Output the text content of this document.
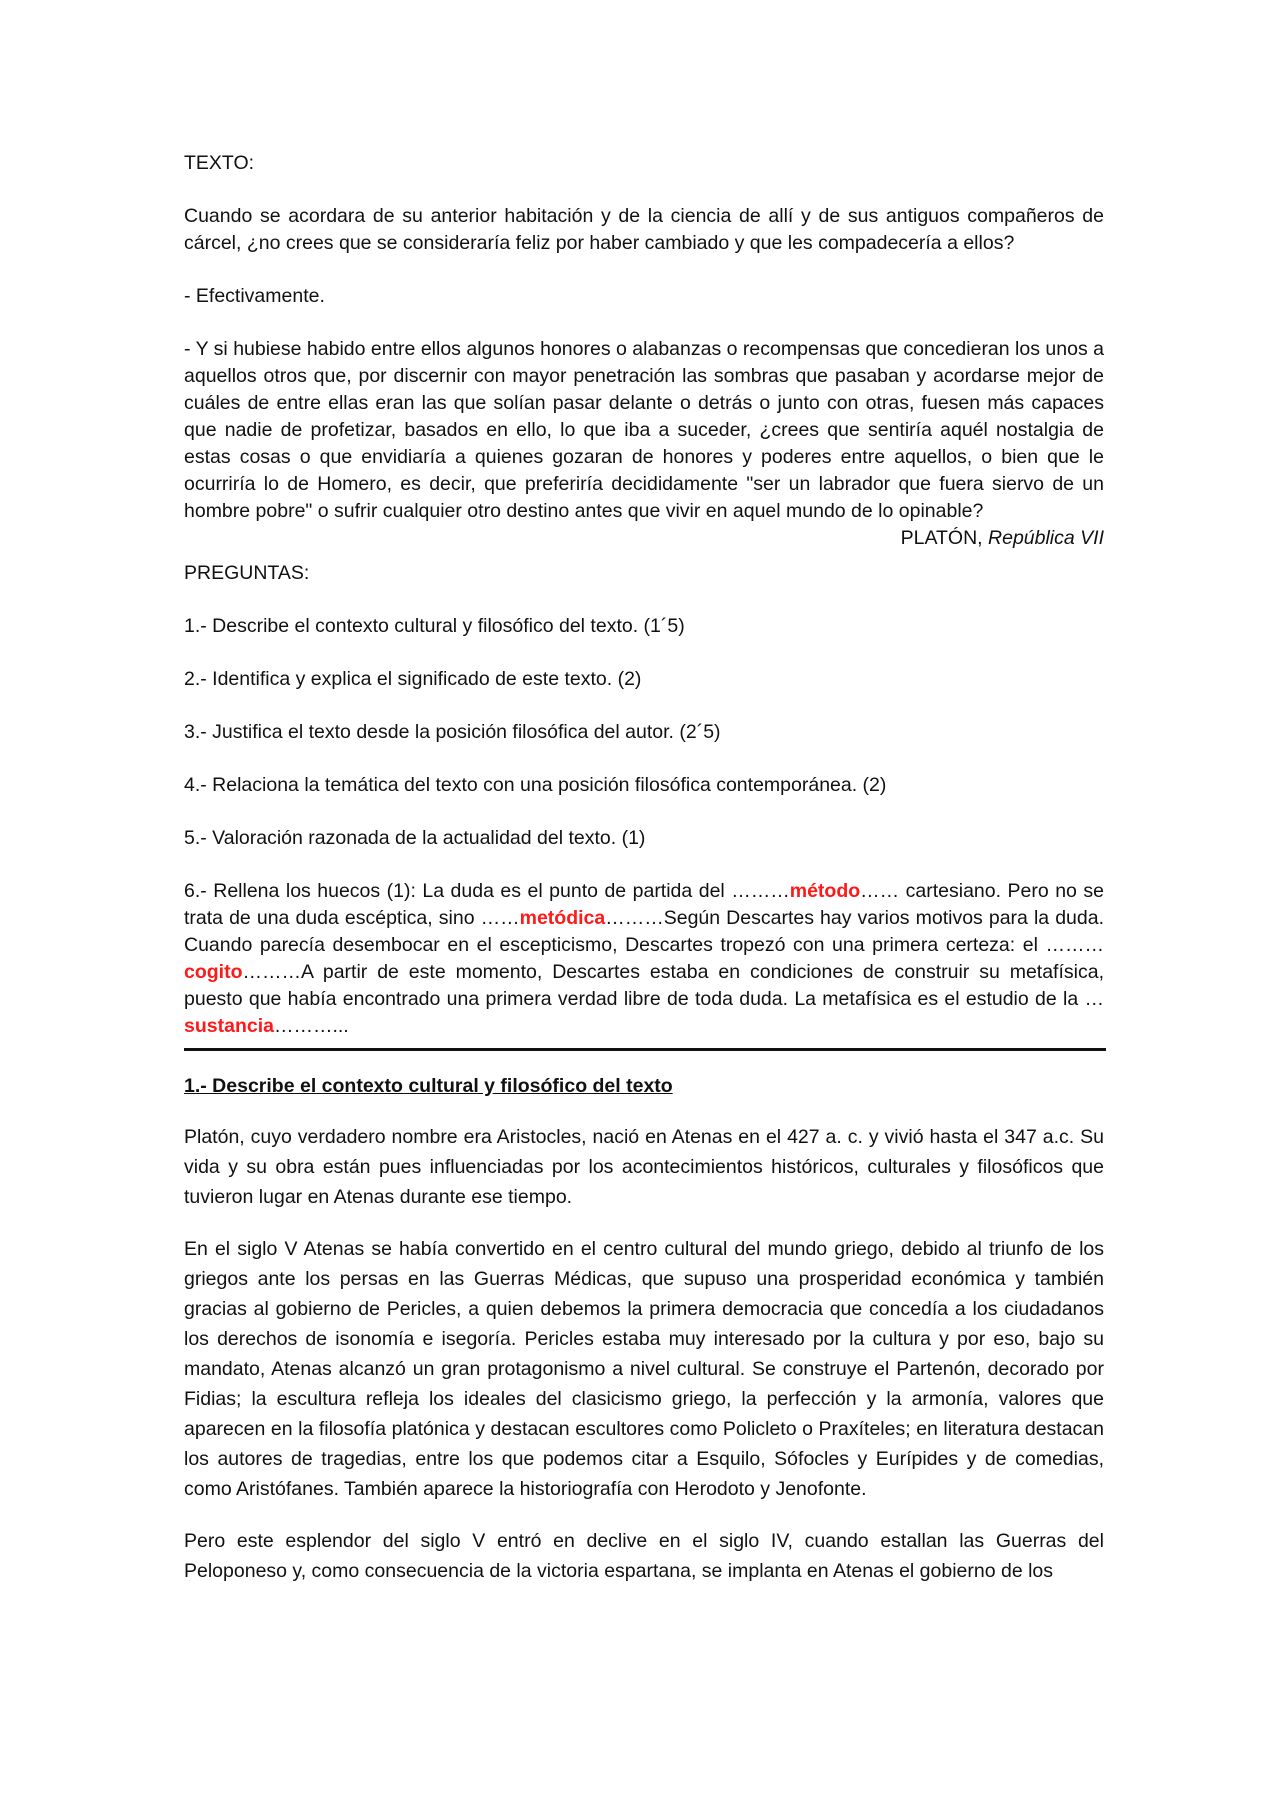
TEXTO:

Cuando se acordara de su anterior habitación y de la ciencia de allí y de sus antiguos compañeros de cárcel, ¿no crees que se consideraría feliz por haber cambiado y que les compadecería a ellos?

- Efectivamente.

- Y si hubiese habido entre ellos algunos honores o alabanzas o recompensas que concedieran los unos a aquellos otros que, por discernir con mayor penetración las sombras que pasaban y acordarse mejor de cuáles de entre ellas eran las que solían pasar delante o detrás o junto con otras, fuesen más capaces que nadie de profetizar, basados en ello, lo que iba a suceder, ¿crees que sentiría aquél nostalgia de estas cosas o que envidiaría a quienes gozaran de honores y poderes entre aquellos, o bien que le ocurriría lo de Homero, es decir, que preferiría decididamente "ser un labrador que fuera siervo de un hombre pobre" o sufrir cualquier otro destino antes que vivir en aquel mundo de lo opinable?

PLATÓN, República VII

PREGUNTAS:

1.- Describe el contexto cultural y filosófico del texto. (1´5)

2.- Identifica y explica el significado de este texto. (2)

3.- Justifica el texto desde la posición filosófica del autor. (2´5)

4.- Relaciona la temática del texto con una posición filosófica contemporánea. (2)

5.- Valoración razonada de la actualidad del texto. (1)

6.- Rellena los huecos (1): La duda es el punto de partida del ………método…… cartesiano. Pero no se trata de una duda escéptica, sino ……metódica………Según Descartes hay varios motivos para la duda. Cuando parecía desembocar en el escepticismo, Descartes tropezó con una primera certeza: el ………cogito………A partir de este momento, Descartes estaba en condiciones de construir su metafísica, puesto que había encontrado una primera verdad libre de toda duda. La metafísica es el estudio de la …sustancia………...

1.- Describe el contexto cultural y filosófico del texto

Platón, cuyo verdadero nombre era Aristocles, nació en Atenas en el 427 a. c. y vivió hasta el 347 a.c. Su vida y su obra están pues influenciadas por los acontecimientos históricos, culturales y filosóficos que tuvieron lugar en Atenas durante ese tiempo.

En el siglo V Atenas se había convertido en el centro cultural del mundo griego, debido al triunfo de los griegos ante los persas en las Guerras Médicas, que supuso una prosperidad económica y también gracias al gobierno de Pericles, a quien debemos la primera democracia que concedía a los ciudadanos los derechos de isonomía e isegoría. Pericles estaba muy interesado por la cultura y por eso, bajo su mandato, Atenas alcanzó un gran protagonismo a nivel cultural. Se construye el Partenón, decorado por Fidias; la escultura refleja los ideales del clasicismo griego, la perfección y la armonía, valores que aparecen en la filosofía platónica y destacan escultores como Policleto o Praxíteles; en literatura destacan los autores de tragedias, entre los que podemos citar a Esquilo, Sófocles y Eurípides y de comedias, como Aristófanes. También aparece la historiografía con Herodoto y Jenofonte.

Pero este esplendor del siglo V entró en declive en el siglo IV, cuando estallan las Guerras del Peloponeso y, como consecuencia de la victoria espartana, se implanta en Atenas el gobierno de los
